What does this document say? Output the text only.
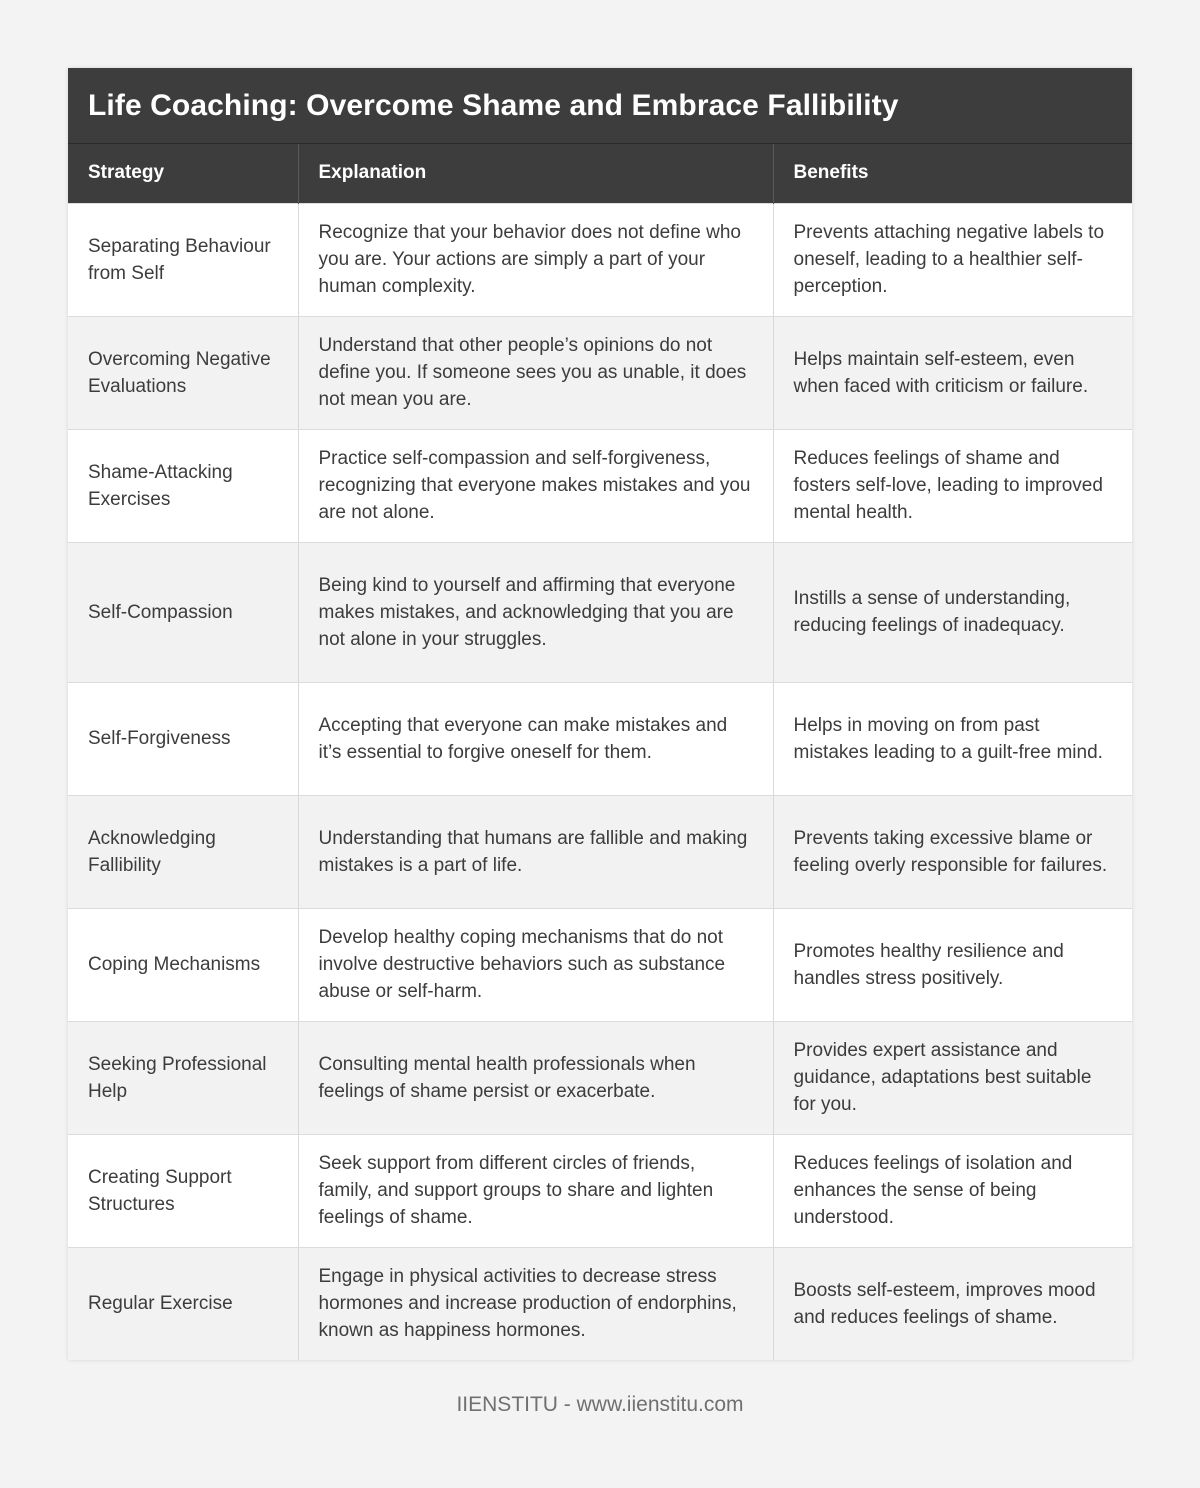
Life Coaching: Overcome Shame and Embrace Fallibility
Strategy	Explanation	Benefits
Separating Behaviour from Self	Recognize that your behavior does not define who you are. Your actions are simply a part of your human complexity.	Prevents attaching negative labels to oneself, leading to a healthier self-perception.
Overcoming Negative Evaluations	Understand that other people’s opinions do not define you. If someone sees you as unable, it does not mean you are.	Helps maintain self-esteem, even when faced with criticism or failure.
Shame-Attacking Exercises	Practice self-compassion and self-forgiveness, recognizing that everyone makes mistakes and you are not alone.	Reduces feelings of shame and fosters self-love, leading to improved mental health.
Self-Compassion	Being kind to yourself and affirming that everyone makes mistakes, and acknowledging that you are not alone in your struggles.	Instills a sense of understanding, reducing feelings of inadequacy.
Self-Forgiveness	Accepting that everyone can make mistakes and it’s essential to forgive oneself for them.	Helps in moving on from past mistakes leading to a guilt-free mind.
Acknowledging Fallibility	Understanding that humans are fallible and making mistakes is a part of life.	Prevents taking excessive blame or feeling overly responsible for failures.
Coping Mechanisms	Develop healthy coping mechanisms that do not involve destructive behaviors such as substance abuse or self-harm.	Promotes healthy resilience and handles stress positively.
Seeking Professional Help	Consulting mental health professionals when feelings of shame persist or exacerbate.	Provides expert assistance and guidance, adaptations best suitable for you.
Creating Support Structures	Seek support from different circles of friends, family, and support groups to share and lighten feelings of shame.	Reduces feelings of isolation and enhances the sense of being understood.
Regular Exercise	Engage in physical activities to decrease stress hormones and increase production of endorphins, known as happiness hormones.	Boosts self-esteem, improves mood and reduces feelings of shame.
IIENSTITU - www.iienstitu.com
